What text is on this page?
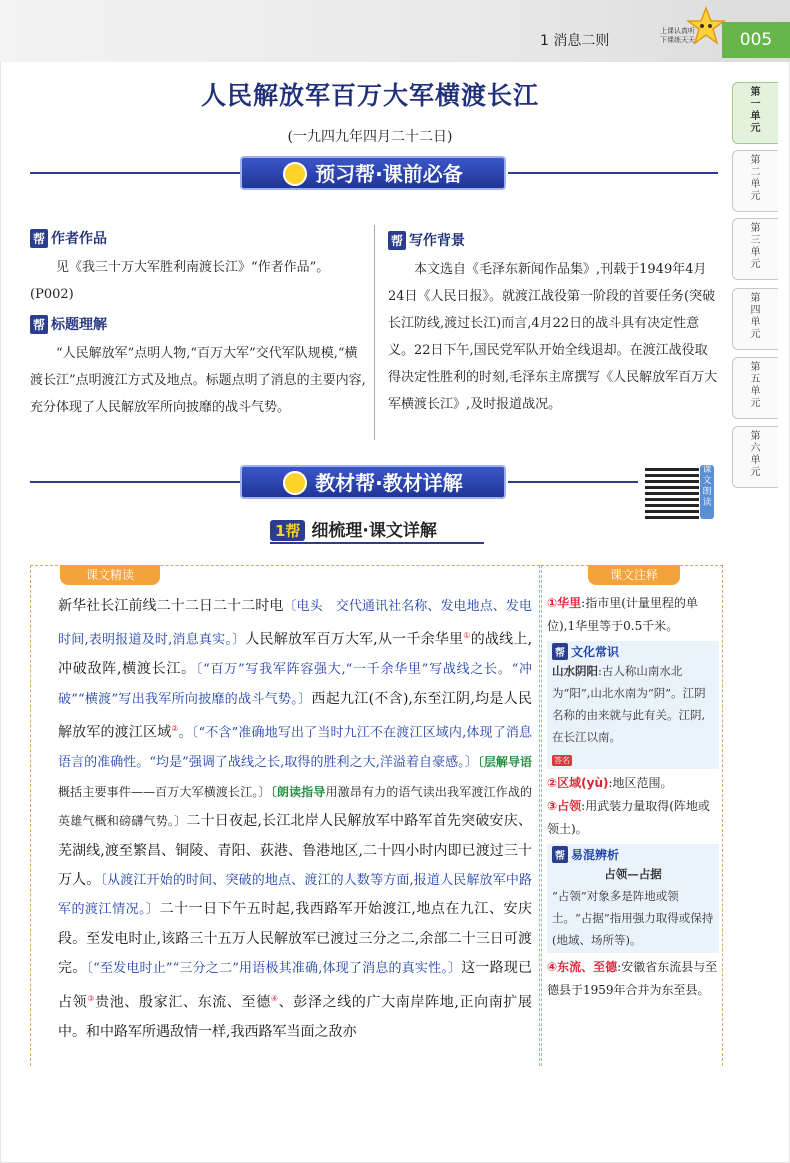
1 消息二则
上课认真听 下课练天天	005
第一单元
第二单元
第三单元
第四单元
第五单元
第六单元
人民解放军百万大军横渡长江
(一九四九年四月二十二日)
预习帮·课前必备
帮 作者作品

见《我三十万大军胜利南渡长江》“作者作品”。(P002)

帮 标题理解

“人民解放军”点明人物,“百万大军”交代军队规模,“横渡长江”点明渡江方式及地点。标题点明了消息的主要内容,充分体现了人民解放军所向披靡的战斗气势。

帮 写作背景

本文选自《毛泽东新闻作品集》,刊载于1949年4月24日《人民日报》。就渡江战役第一阶段的首要任务(突破长江防线,渡过长江)而言,4月22日的战斗具有决定性意义。22日下午,国民党军队开始全线退却。在渡江战役取得决定性胜利的时刻,毛泽东主席撰写《人民解放军百万大军横渡长江》,及时报道战况。

教材帮·教材详解
课文朗读
1帮 细梳理·课文详解
课文精读	课文注释
新华社长江前线二十二日二十二时电〔电头　交代通讯社名称、发电地点、发电时间,表明报道及时,消息真实。〕人民解放军百万大军,从一千余华里①的战线上,冲破敌阵,横渡长江。〔“百万”写我军阵容强大,“一千余华里”写战线之长。“冲破”“横渡”写出我军所向披靡的战斗气势。〕西起九江(不含),东至江阴,均是人民解放军的渡江区域②。〔“不含”准确地写出了当时九江不在渡江区域内,体现了消息语言的准确性。“均是”强调了战线之长,取得的胜利之大,洋溢着自豪感。〕〔层解导语 概括主要事件——百万大军横渡长江。〕〔朗读指导用激昂有力的语气读出我军渡江作战的英雄气概和磅礴气势。〕二十日夜起,长江北岸人民解放军中路军首先突破安庆、芜湖线,渡至繁昌、铜陵、青阳、荻港、鲁港地区,二十四小时内即已渡过三十万人。〔从渡江开始的时间、突破的地点、渡江的人数等方面,报道人民解放军中路军的渡江情况。〕二十一日下午五时起,我西路军开始渡江,地点在九江、安庆段。至发电时止,该路三十五万人民解放军已渡过三分之二,余部二十三日可渡完。〔“至发电时止”“三分之二”用语极其准确,体现了消息的真实性。〕这一路现已占领③贵池、殷家汇、东流、至德④、彭泽之线的广大南岸阵地,正向南扩展中。和中路军所遇敌情一样,我西路军当面之敌亦
①华里:指市里(计量里程的单位),1华里等于0.5千米。
帮 文化常识
山水阴阳:古人称山南水北为“阳”,山北水南为“阴”。江阴名称的由来就与此有关。江阴,在长江以南。
答名
②区域(yù):地区范围。
③占领:用武装力量取得(阵地或领土)。
帮 易混辨析
占领—占据
“占领”对象多是阵地或领土。“占据”指用强力取得或保持(地域、场所等)。
④东流、至德:安徽省东流县与至德县于1959年合并为东至县。
